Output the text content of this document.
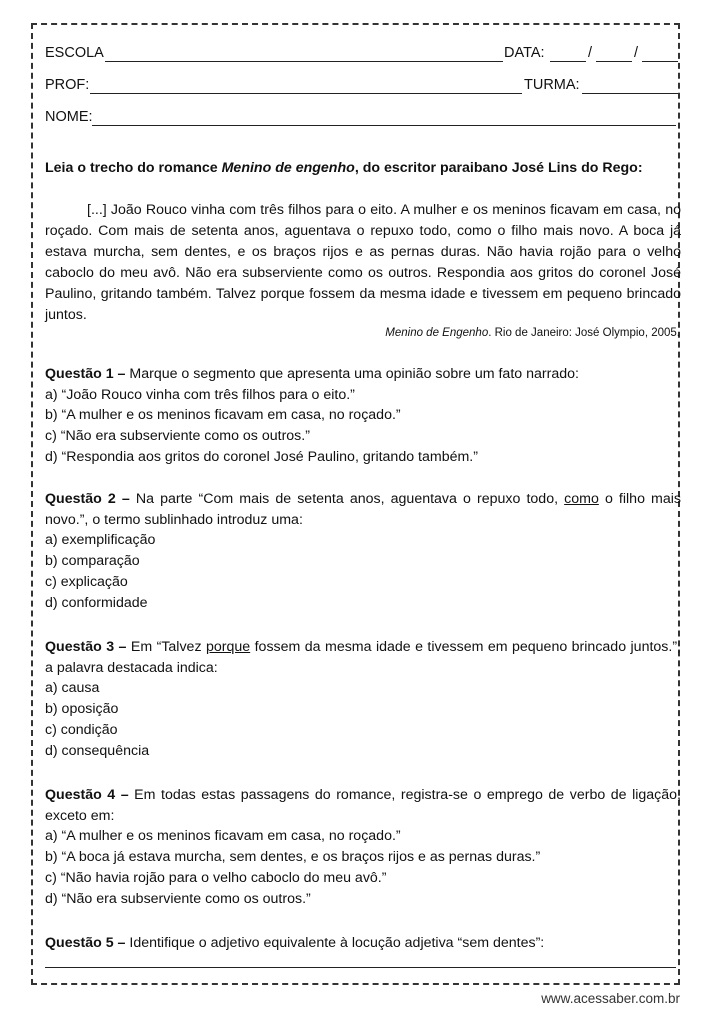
ESCOLA	DATA:	/	/
PROF:	TURMA:
NOME:
Leia o trecho do romance Menino de engenho, do escritor paraibano José Lins do Rego:

[...] João Rouco vinha com três filhos para o eito. A mulher e os meninos ficavam em casa, no roçado. Com mais de setenta anos, aguentava o repuxo todo, como o filho mais novo. A boca já estava murcha, sem dentes, e os braços rijos e as pernas duras. Não havia rojão para o velho caboclo do meu avô. Não era subserviente como os outros. Respondia aos gritos do coronel José Paulino, gritando também. Talvez porque fossem da mesma idade e tivessem em pequeno brincado juntos.

Menino de Engenho. Rio de Janeiro: José Olympio, 2005.

Questão 1 – Marque o segmento que apresenta uma opinião sobre um fato narrado:

a) “João Rouco vinha com três filhos para o eito.”

b) “A mulher e os meninos ficavam em casa, no roçado.”

c) “Não era subserviente como os outros.”

d) “Respondia aos gritos do coronel José Paulino, gritando também.”

Questão 2 – Na parte “Com mais de setenta anos, aguentava o repuxo todo, como o filho mais novo.”, o termo sublinhado introduz uma:

a) exemplificação

b) comparação

c) explicação

d) conformidade

Questão 3 – Em “Talvez porque fossem da mesma idade e tivessem em pequeno brincado juntos.”, a palavra destacada indica:

a) causa

b) oposição

c) condição

d) consequência

Questão 4 – Em todas estas passagens do romance, registra-se o emprego de verbo de ligação, exceto em:

a) “A mulher e os meninos ficavam em casa, no roçado.”

b) “A boca já estava murcha, sem dentes, e os braços rijos e as pernas duras.”

c) “Não havia rojão para o velho caboclo do meu avô.”

d) “Não era subserviente como os outros.”

Questão 5 – Identifique o adjetivo equivalente à locução adjetiva “sem dentes”:

www.acessaber.com.br
